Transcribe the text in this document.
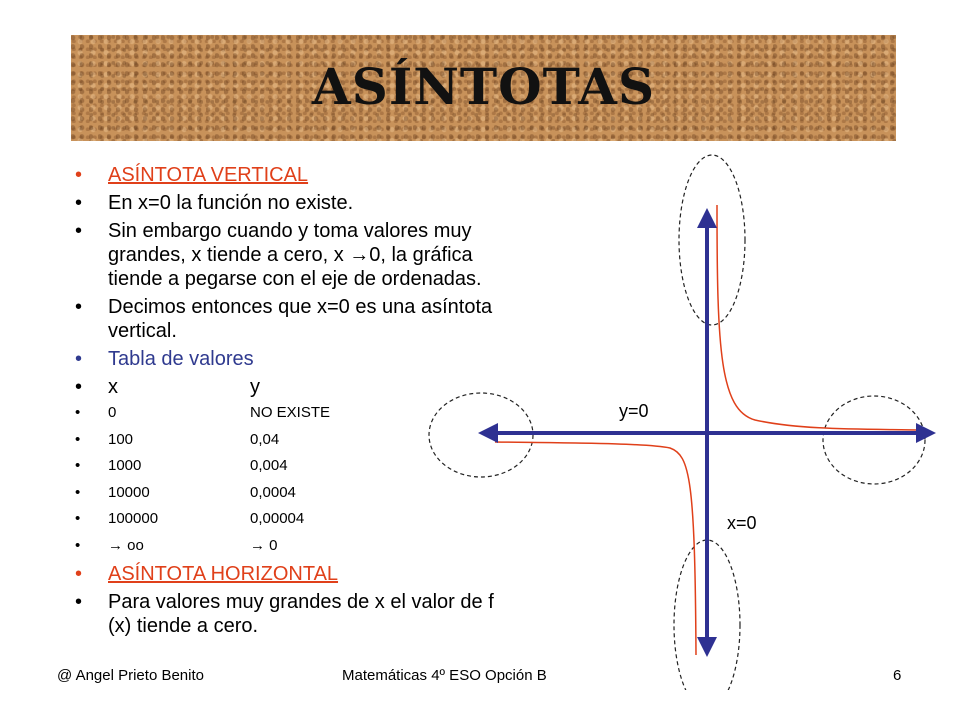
ASÍNTOTAS
• ASÍNTOTA VERTICAL
• En x=0 la función no existe.
• Sin embargo cuando y toma valores muy grandes, x tiende a cero, x →0, la gráfica tiende a pegarse con el eje de ordenadas.
• Decimos entonces que x=0 es una asíntota vertical.
• Tabla de valores
• x	y
• 0	NO EXISTE
• 100	0,04
• 1000	0,004
• 10000	0,0004
• 100000	0,00004
• → oo	→ 0
• ASÍNTOTA HORIZONTAL
• Para valores muy grandes de x el valor de f (x) tiende a cero.
y=0
x=0
@ Angel Prieto Benito	Matemáticas 4º ESO Opción B	6
